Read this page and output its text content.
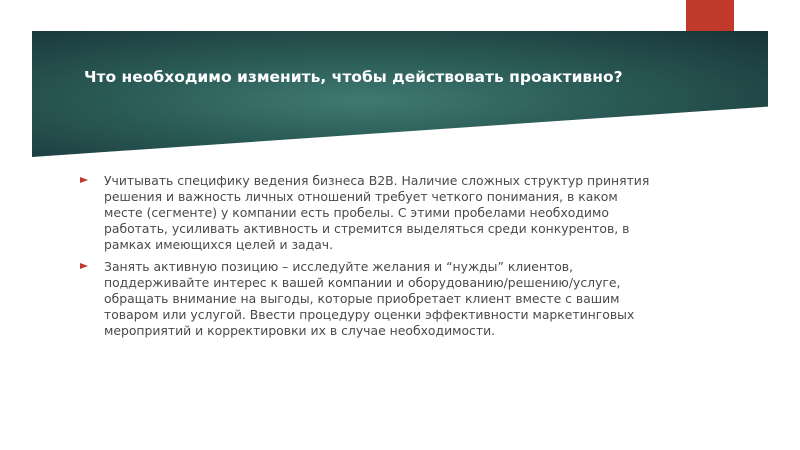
Что необходимо изменить, чтобы действовать проактивно?
Учитывать специфику ведения бизнеса B2B. Наличие сложных структур принятия решения и важность личных отношений требует четкого понимания, в каком месте (сегменте) у компании есть пробелы. С этими пробелами необходимо работать, усиливать активность и стремится выделяться среди конкурентов, в рамках имеющихся целей и задач.
Занять активную позицию – исследуйте желания и “нужды” клиентов, поддерживайте интерес к вашей компании и оборудованию/решению/услуге, обращать внимание на выгоды, которые приобретает клиент вместе с вашим товаром или услугой. Ввести процедуру оценки эффективности маркетинговых мероприятий и корректировки их в случае необходимости.
